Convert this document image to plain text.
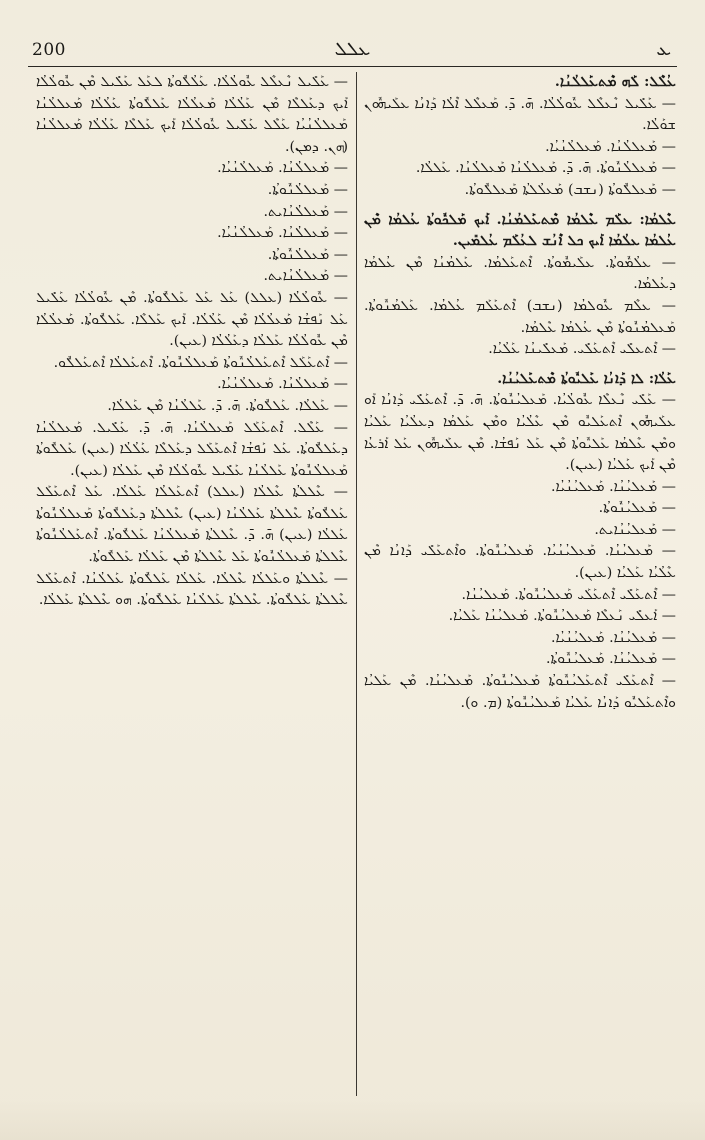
200	ܥܠܠ	ܥ

ܥܳܠܶܠ: ܠܰܗ ܡܶܬܥܰܠܠܳܢܳܐ.

— ܥܰܠܺܝܠ ܢܶܥܠܶܠ ܥܽܘܠܳܠܳܐ. ܗ̄. ܕ̄. ܡܰܥܠܶܠ ܐܶܠܳܐ ܕܰܐܢܳܐ ܥܠܰܝܗܽܘܢ ܫܘܰܠܳܐ.

— ܡܰܥܠܠܳܢܳܐ. ܡܰܥܠܠܳܢܳܝܳܐ.

— ܡܰܥܠܠܳܢܽܘܬܳܐ. ܗ̄. ܕ̄. ܡܰܥܠܠܳܢܳܐ ܡܰܥܠܠܳܢܳܐ. ܥܰܠܠܳܐ.

— ܡܰܥܠܠܽܘܬܳܐ (ܢܫܒ) ܡܰܥܠܳܠܬܳܐ ܡܰܥܠܠܽܘܬܳܐ.

ܥܶܠܡܳܐ: ܥܠܰܡ ܥܶܠܡܳܐ ܡܶܬܥܰܠܡܳܢܳܐ. ܐܰܝܟ ܡܰܠܟܽܘܬܳܐ ܥܳܠܡܳܐ ܡܶܢ ܥܳܠܡܳܐ ܥܠܳܡܳܐ ܐܰܝܟ ܟܠ ܐܶܢܳܫ ܠܥܳܠܰܡ ܥܳܠܡܺܝܢ.

— ܥܠܳܡܽܘܬܳܐ. ܥܠܰܝܡܽܘܬܳܐ. ܐܶܬܥܰܠܡܳܐ. ܥܰܠܡܳܢܳܐ ܡܶܢ ܥܳܠܡܳܐ ܕܥܳܠܡܳܐ.

— ܥܠܶܡ ܥܽܘܠܡܳܐ (ܢܫܒ) ܐܶܬܥܰܠܰܡ ܥܳܠܡܳܐ. ܥܰܠܡܳܢܽܘܬܳܐ. ܡܰܥܠܡܳܢܽܘܬܳܐ ܡܶܢ ܥܳܠܡܳܐ ܥܶܠܡܳܐ.

— ܐܶܬܥܠܺܝ ܐܶܬܥܰܠܺܝ. ܡܰܥܠܺܝܢܳܐ ܥܰܠܳܝܳܐ.

ܥܰܠܳܐ: ܠܐ ܕܰܐܢܳܐ ܥܰܠܝܽܘܬܳܐ ܡܶܬܥܰܠܝܳܢܳܐ.

— ܥܰܠܺܝ ܢܶܥܠܶܐ ܥܽܘܠܳܝܳܐ. ܡܰܥܠܝܳܢܽܘܬܳܐ. ܗ̄. ܕ̄. ܐܶܬܥܰܠܺܝ ܕܰܐܢܳܐ ܐܰܘ ܥܠܰܝܗܽܘܢ ܐܶܬܥܰܠܝܽܘ ܡܶܢ ܥܶܠܳܝܳܐ ܘܡܶܢ ܥܰܠܡܳܐ ܕܥܠܳܝܳܐ ܥܰܠܝܳܐ ܘܡܶܢ ܥܶܠܡܳܐ ܥܰܠܝܽܘܬܳܐ ܡܶܢ ܥܰܠ ܢܰܦܫܳܐ. ܡܶܢ ܥܠܰܝܗܽܘܢ ܥܰܠ ܐܰܪܥܳܐ ܡܶܢ ܐܰܝܟ ܥܰܠܝܳܐ (ܥܝܢ).

— ܡܰܥܠܝܳܢܳܐ. ܡܰܥܠܝܳܢܳܝܳܐ.

— ܡܰܥܠܝܳܢܽܘܬܳܐ.

— ܡܰܥܠܝܳܢܳܐܝܬ.

— ܡܰܥܠܝܳܢܳܐ. ܡܰܥܠܝܳܢܳܝܳܐ. ܡܰܥܠܝܳܢܽܘܬܳܐ. ܘܐܶܬܥܰܠܺܝ ܕܰܐܢܳܐ ܡܶܢ ܥܶܠܳܝܳܐ ܥܰܠܝܳܐ (ܥܝܢ).

— ܐܶܬܥܰܠܺܝ ܐܶܬܥܰܠܰܝ ܡܰܥܠܝܳܢܽܘܬܳܐ. ܡܰܥܠܝܳܢܳܐ.

— ܐܰܥܠܺܝ ܢܰܥܠܶܐ ܡܰܥܠܝܳܢܽܘܬܳܐ. ܡܰܥܠܝܳܢܳܐ ܥܰܠܝܳܐ.

— ܡܰܥܠܝܳܢܳܐ. ܡܰܥܠܝܳܢܳܝܳܐ.

— ܡܰܥܠܝܳܢܳܐ. ܡܰܥܠܝܳܢܽܘܬܳܐ.

— ܐܶܬܥܰܠܺܝ ܐܶܬܥܰܠܝܳܢܽܘܬܳܐ ܡܰܥܠܝܳܢܽܘܬܳܐ. ܡܰܥܠܝܳܢܳܐ. ܡܶܢ ܥܰܠܝܳܐ ܘܐܶܬܥܰܠܝܽܘ ܕܰܐܢܳܐ ܥܰܠܝܳܐ ܡܰܥܠܝܳܢܽܘܬܳܐ (ܡ. ܘ).

— ܥܰܠܺܝܠ ܢܶܥܠܶܠ ܥܽܘܠܳܠܳܐ. ܥܰܠܳܠܽܘܬܳܐ ܠܥܰܠ ܥܰܠܺܝܠ ܡܶܢ ܥܽܘܠܳܠܳܐ ܐܰܝܟ ܕܥܰܠܠܶܐ ܡܶܢ ܥܰܠܳܠܳܐ ܡܰܥܠܳܠܳܐ ܥܰܠܠܽܘܬܳܐ ܥܰܠܳܠܳܐ ܡܰܥܠܠܳܢܳܐ ܡܰܥܠܠܳܢܳܝܳܐ ܥܰܠܶܠ ܥܰܠܺܝܠ ܥܽܘܠܳܠܳܐ ܐܰܝܟ ܥܰܠܠܶܐ ܥܰܠܳܠܳܐ ܡܰܥܠܠܳܢܳܐ (ܗܢ. ܕܡܢ).

— ܡܰܥܠܠܳܢܳܐ. ܡܰܥܠܠܳܢܳܝܳܐ.

— ܡܰܥܠܠܳܢܽܘܬܳܐ.

— ܡܰܥܠܠܳܢܳܐܝܬ.

— ܡܰܥܠܠܳܢܳܐ. ܡܰܥܠܠܳܢܳܝܳܐ.

— ܡܰܥܠܠܳܢܽܘܬܳܐ.

— ܡܰܥܠܠܳܢܳܐܝܬ.

— ܥܽܘܠܳܠܳܐ (ܥܠܠ) ܥܰܠ ܥܰܠ ܥܰܠܠܽܘܬܳܐ. ܡܶܢ ܥܽܘܠܳܠܳܐ ܥܰܠܺܝܠ ܥܰܠ ܢܰܦܫܳܐ ܡܰܥܠܳܠܳܐ ܡܶܢ ܥܰܠܳܠܳܐ. ܐܰܝܟ ܥܰܠܠܶܐ. ܥܰܠܠܽܘܬܳܐ. ܡܰܥܠܳܠܳܐ ܡܶܢ ܥܽܘܠܳܠܳܐ ܥܰܠܠܳܐ ܕܥܰܠܳܠܳܐ (ܥܝܢ).

— ܐܶܬܥܰܠܰܠ ܐܶܬܥܰܠܠܳܢܽܘܬܳܐ ܡܰܥܠܠܳܢܽܘܬܳܐ. ܐܶܬܥܰܠܠܳܐ ܐܶܬܥܰܠܠܽܘ.

— ܡܰܥܠܠܳܢܳܐ. ܡܰܥܠܠܳܢܳܝܳܐ.

— ܥܰܠܠܳܐ. ܥܰܠܠܽܘܬܳܐ. ܗ̄. ܕ̄. ܥܰܠܠܳܢܳܐ ܡܶܢ ܥܰܠܠܳܐ.

— ܥܰܠܶܠ. ܐܶܬܥܰܠܰܠ ܡܰܥܠܠܳܢܳܐ. ܗ̄. ܕ̄. ܥܰܠܺܝܠ. ܡܰܥܠܠܳܢܳܐ ܕܥܰܠܠܽܘܬܳܐ. ܥܰܠ ܢܰܦܫܳܐ ܐܶܬܥܰܠܰܠ ܕܥܰܠܠܶܐ ܥܰܠܳܠܳܐ (ܥܝܢ) ܥܰܠܠܽܘܬܳܐ ܡܰܥܠܠܳܢܽܘܬܳܐ ܥܰܠܠܳܢܳܐ ܥܰܠܺܝܠ ܥܽܘܠܳܠܳܐ ܡܶܢ ܥܰܠܠܳܐ (ܥܝܢ).

— ܥܶܠܠܬܳܐ ܥܶܠܠܳܐ (ܥܠܠ) ܐܶܬܥܰܠܠܳܐ ܥܰܠܠܳܐ. ܥܰܠ ܐܶܬܥܰܠܰܠ ܥܰܠܠܽܘܬܳܐ ܥܶܠܠܬܳܐ ܥܰܠܠܳܢܳܐ (ܥܝܢ) ܥܶܠܠܬܳܐ ܕܥܰܠܠܽܘܬܳܐ ܡܰܥܠܠܳܢܽܘܬܳܐ ܥܰܠܠܳܐ (ܥܝܢ) ܗ̄. ܕ̄. ܥܶܠܠܬܳܐ ܡܰܥܠܠܳܢܳܐ ܥܰܠܠܽܘܬܳܐ. ܐܶܬܥܰܠܠܳܢܽܘܬܳܐ ܥܶܠܠܬܳܐ ܡܰܥܠܠܳܢܽܘܬܳܐ ܥܰܠ ܥܶܠܠܬܳܐ ܡܶܢ ܥܰܠܠܳܐ ܥܰܠܠܽܘܬܳܐ.

— ܥܶܠܠܬܳܐ ܘܥܰܠܠܳܐ ܥܶܠܠܳܐ. ܥܰܠܠܳܐ ܥܰܠܠܽܘܬܳܐ ܥܰܠܠܳܢܳܐ. ܐܶܬܥܰܠܰܠ ܥܶܠܠܬܳܐ ܥܰܠܠܽܘܬܳܐ. ܥܶܠܠܬܳܐ ܥܰܠܠܳܢܳܐ ܥܰܠܠܽܘܬܳܐ. ܗܘ ܥܶܠܠܬܳܐ ܥܰܠܠܳܐ.
